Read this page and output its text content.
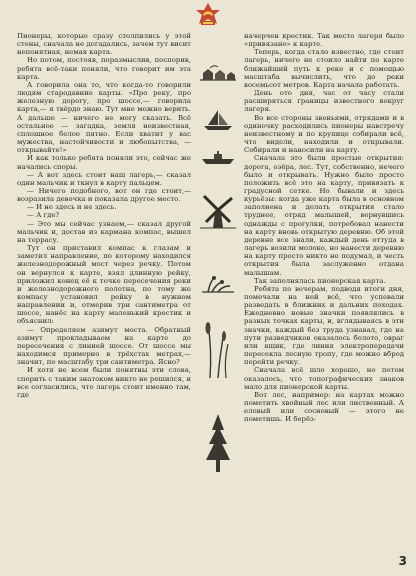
Пионеры, которые сразу столпились у этой стены, сначала не догадались, зачем тут висит непонятная, немая карта.

Но потом, постояв, поразмыслив, поспорив, ребята всё-таки поняли, что говорит им эта карта.

А говорила она то, что когда-то говорили людям стародавние карты. «Про реку, про железную дорогу, про шоссе,— говорила карта,— я твёрдо знаю. Тут мне можно верить. А дальше — ничего не могу сказать. Всё остальное — загадка, земля неизвестная, сплошное белое пятно. Если хватит у вас мужества, настойчивости и любопытства, — открывайте!»

И как только ребята поняли это, сейчас же начались споры.

— А вот здесь стоит наш лагерь,— сказал один мальчик и ткнул в карту пальцем.

— Ничего подобного, вот он где стоит,— возразила девочка и показала другое место.

— И не здесь и не здесь.

— А где?

— Это мы сейчас узнаем,— сказал другой мальчик и, достав из кармана компас, вышел на террасу.

Тут он приставил компас к глазам и заметил направление, по которому находился железнодорожный мост через речку. Потом он вернулся к карте, взял длинную рейку, приложил конец её к точке пересечения реки и железнодорожного полотна, по тому же компасу установил рейку в нужном направлении и, отмерив три сантиметра от шоссе, нанёс на карту маленький крестик и объяснил:

— Определяем азимут моста. Обратный азимут прокладываем на карте до пересечения с линией шоссе. От шоссе мы находимся примерно в трёхстах метрах,— значит, по масштабу три сантиметра. Ясно?

И хотя не всем были понятны эти слова, спорить с таким знатоком никто не решился, и все согласились, что лагерь стоит именно там, где

начерчен крестик. Так место лагеря было «привязано» к карте.

Теперь, когда стало известно, где стоит лагерь, ничего не стоило найти по карте ближайший путь к реке и с помощью масштаба вычислить, что до реки восемьсот метров. Карта начала работать.

День ото дня, час от часу стали расширяться границы известного вокруг лагеря.

Во все стороны звеньями, отрядами и в одиночку расходились пионеры навстречу неизвестному и по крупице собирали всё, что видели, находили и открывали. Собирали и наносили на карту.

Сначала это были простые открытия: дорога, озёра, лес. Тут, собственно, нечего было и открывать. Нужно было просто положить всё это на карту, привязать к градусной сетке. Но бывали и здесь курьёзы: когда уже карта была в основном заполнена и делать открытия стало труднее, отряд малышей, вернувшись однажды с прогулки, потребовал нанести на карту вновь открытую деревню. Об этой деревне все знали, каждый день оттуда в лагерь возили молоко, но нанести деревню на карту просто никто не подумал, и честь открытия была заслуженно отдана малышам.

Так заполнялась пионерская карта.

Ребята по вечерам, подводя итоги дня, помечали на ней всё, что успевали разведать в ближних и дальних походах. Ежедневно новые значки появлялись в разных точках карты, и, вглядываясь в эти значки, каждый без труда узнавал, где на пути разведчиков оказалось болото, овраг или ящик, где линия электропередачи пересекла лесную тропу, где можно вброд перейти речку.

Сначала всё шло хорошо, но потом оказалось, что топографических знаков мало для пионерской карты.

Вот лес, например: на картах можно пометить хвойный лес или лиственный. А еловый или сосновый — этого не пометишь. И берёз-

3
